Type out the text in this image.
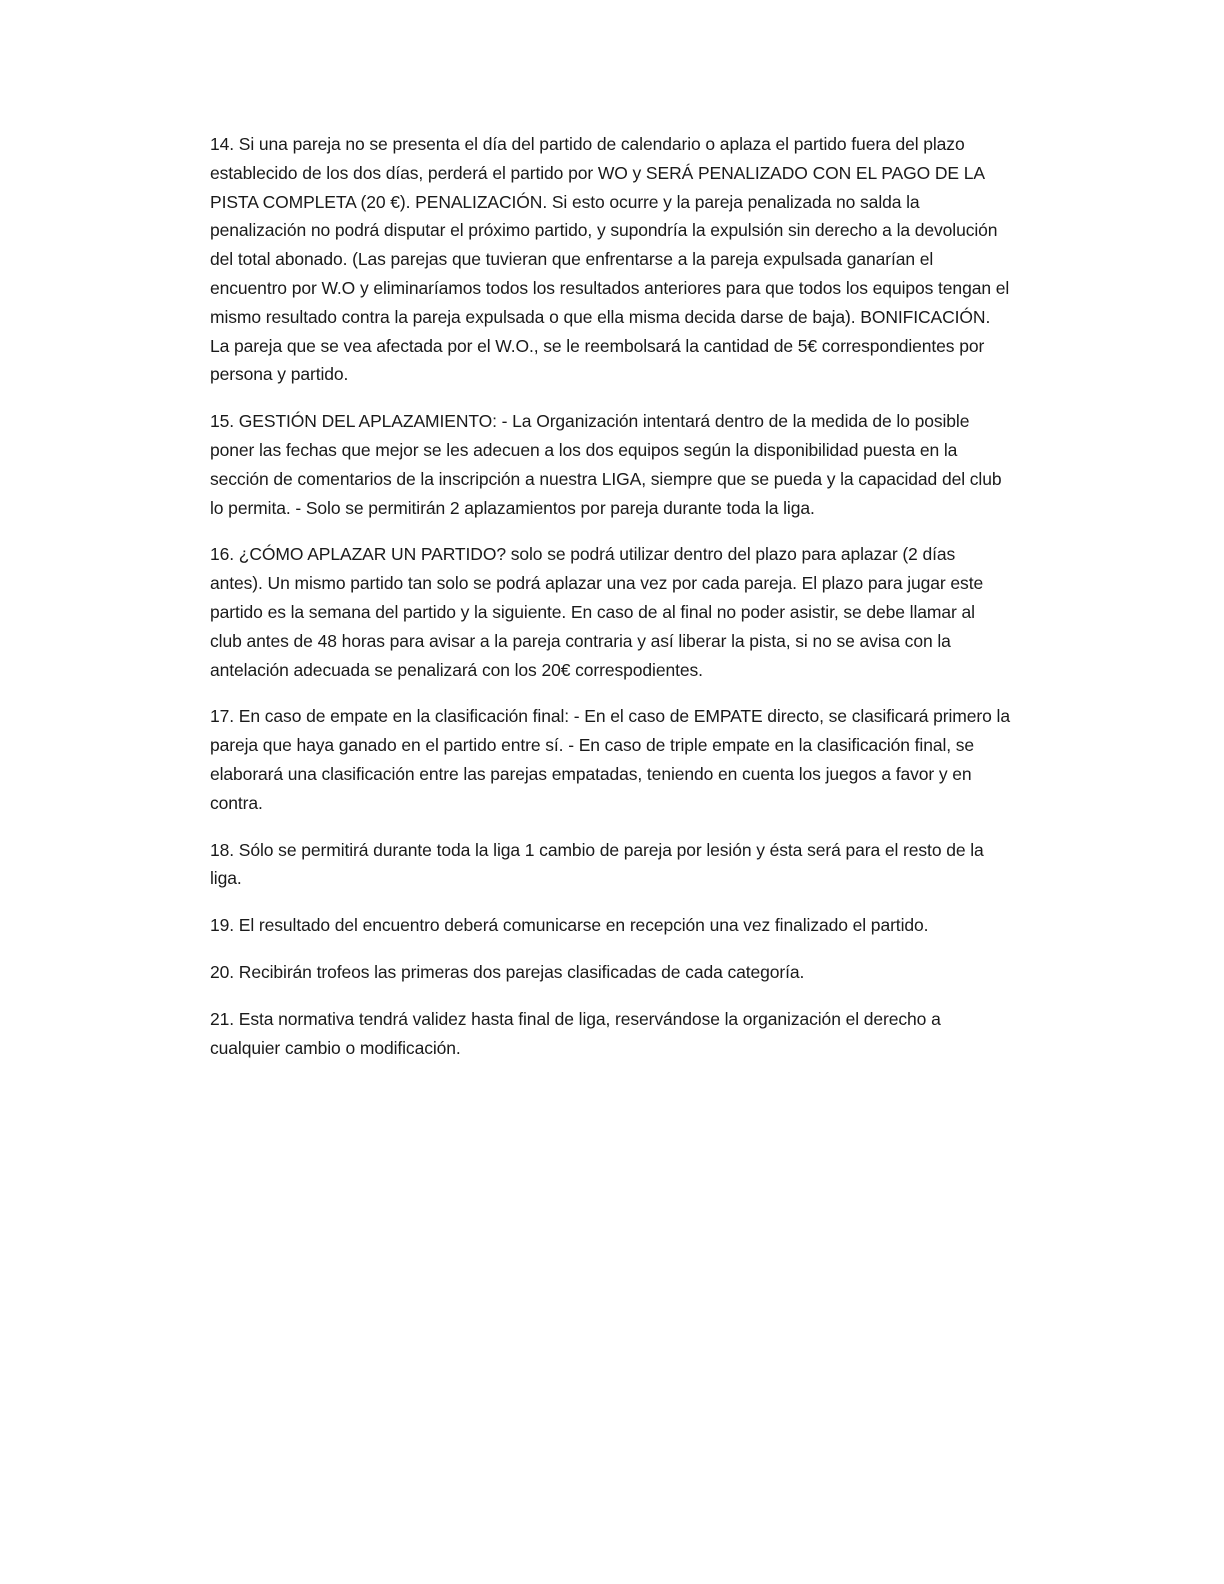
14. Si una pareja no se presenta el día del partido de calendario o aplaza el partido fuera del plazo establecido de los dos días, perderá el partido por WO y SERÁ PENALIZADO CON EL PAGO DE LA PISTA COMPLETA (20 €). PENALIZACIÓN. Si esto ocurre y la pareja penalizada no salda la penalización no podrá disputar el próximo partido, y supondría la expulsión sin derecho a la devolución del total abonado. (Las parejas que tuvieran que enfrentarse a la pareja expulsada ganarían el encuentro por W.O y eliminaríamos todos los resultados anteriores para que todos los equipos tengan el mismo resultado contra la pareja expulsada o que ella misma decida darse de baja). BONIFICACIÓN. La pareja que se vea afectada por el W.O., se le reembolsará la cantidad de 5€ correspondientes por persona y partido.

15. GESTIÓN DEL APLAZAMIENTO: - La Organización intentará dentro de la medida de lo posible poner las fechas que mejor se les adecuen a los dos equipos según la disponibilidad puesta en la sección de comentarios de la inscripción a nuestra LIGA, siempre que se pueda y la capacidad del club lo permita. - Solo se permitirán 2 aplazamientos por pareja durante toda la liga.

16. ¿CÓMO APLAZAR UN PARTIDO? solo se podrá utilizar dentro del plazo para aplazar (2 días antes). Un mismo partido tan solo se podrá aplazar una vez por cada pareja. El plazo para jugar este partido es la semana del partido y la siguiente. En caso de al final no poder asistir, se debe llamar al club antes de 48 horas para avisar a la pareja contraria y así liberar la pista, si no se avisa con la antelación adecuada se penalizará con los 20€ correspodientes.

17. En caso de empate en la clasificación final: - En el caso de EMPATE directo, se clasificará primero la pareja que haya ganado en el partido entre sí. - En caso de triple empate en la clasificación final, se elaborará una clasificación entre las parejas empatadas, teniendo en cuenta los juegos a favor y en contra.

18. Sólo se permitirá durante toda la liga 1 cambio de pareja por lesión y ésta será para el resto de la liga.

19. El resultado del encuentro deberá comunicarse en recepción una vez finalizado el partido.

20. Recibirán trofeos las primeras dos parejas clasificadas de cada categoría.

21. Esta normativa tendrá validez hasta final de liga, reservándose la organización el derecho a cualquier cambio o modificación.
